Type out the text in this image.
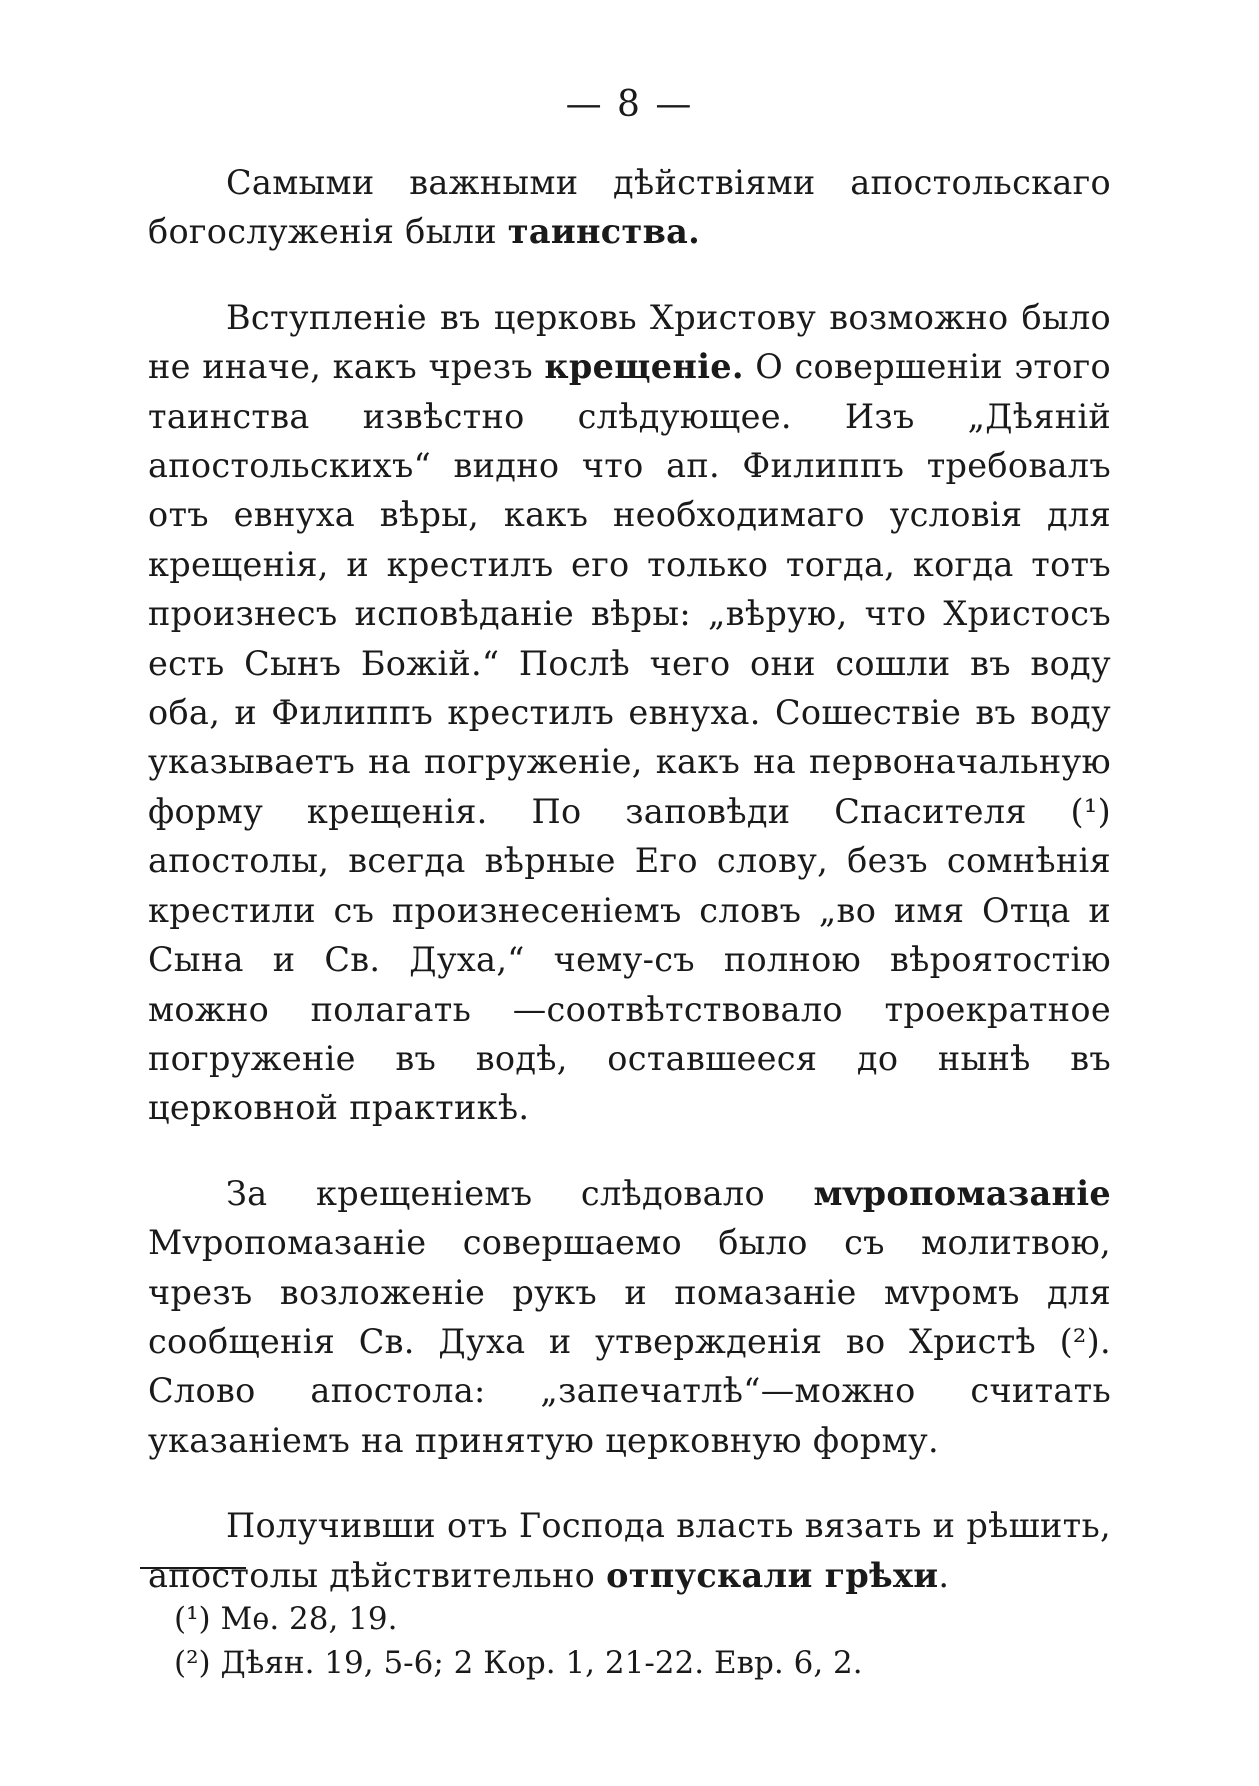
— 8 —

Самыми важными дѣйствіями апостольскаго богослуженія были таинства.

Вступленіе въ церковь Христову возможно было не иначе, какъ чрезъ крещеніе. О совершеніи этого таинства извѣстно слѣдующее. Изъ „Дѣяній апостольскихъ“ видно что ап. Филиппъ требовалъ отъ евнуха вѣры, какъ необходимаго условія для крещенія, и крестилъ его только тогда, когда тотъ произнесъ исповѣданіе вѣры: „вѣрую, что Христосъ есть Сынъ Божій.“ Послѣ чего они сошли въ воду оба, и Филиппъ крестилъ евнуха. Сошествіе въ воду указываетъ на погруженіе, какъ на первоначальную форму крещенія. По заповѣди Спасителя (¹) апостолы, всегда вѣрные Его слову, безъ сомнѣнія крестили съ произнесеніемъ словъ „во имя Отца и Сына и Св. Духа,“ чему-съ полною вѣроятостію можно полагать —соотвѣтствовало троекратное погруженіе въ водѣ, оставшееся до нынѣ въ церковной практикѣ.

За крещеніемъ слѣдовало мvропомазаніе Мvропомазаніе совершаемо было съ молитвою, чрезъ возложеніе рукъ и помазаніе мvромъ для сообщенія Св. Духа и утвержденія во Христѣ (²). Слово апостола: „запечатлѣ“—можно считать указаніемъ на принятую церковную форму.

Получивши отъ Господа власть вязать и рѣшить, апостолы дѣйствительно отпускали грѣхи.

(¹) Мѳ. 28, 19.

(²) Дѣян. 19, 5-6; 2 Кор. 1, 21-22. Евр. 6, 2.
